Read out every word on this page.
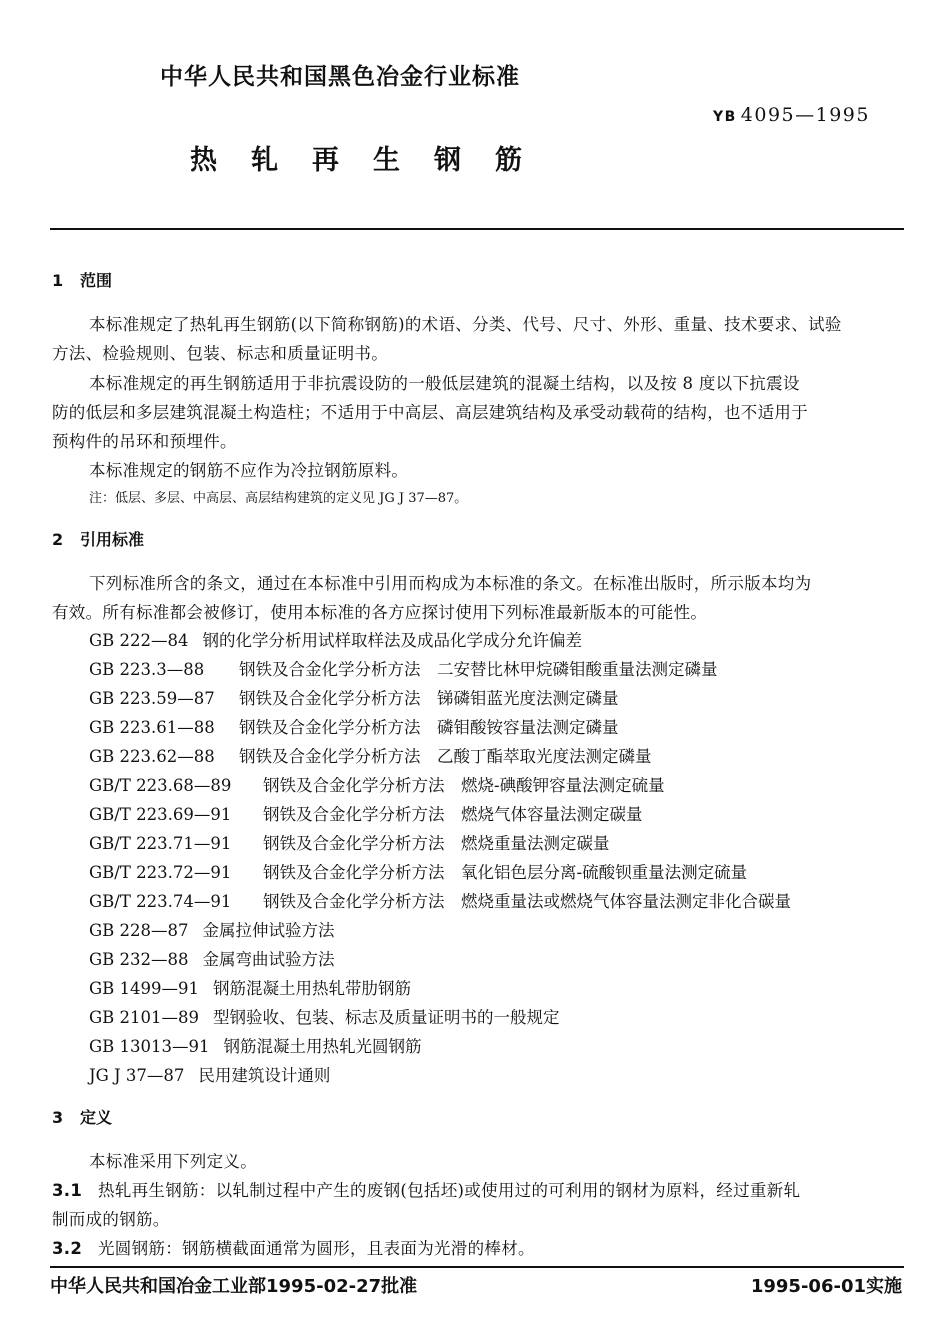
中华人民共和国黑色冶金行业标准
YB 4095—1995
热轧再生钢筋
1 范围
本标准规定了热轧再生钢筋(以下简称钢筋)的术语、分类、代号、尺寸、外形、重量、技术要求、试验
方法、检验规则、包装、标志和质量证明书。
本标准规定的再生钢筋适用于非抗震设防的一般低层建筑的混凝土结构，以及按 8 度以下抗震设
防的低层和多层建筑混凝土构造柱；不适用于中高层、高层建筑结构及承受动载荷的结构，也不适用于
预构件的吊环和预埋件。
本标准规定的钢筋不应作为冷拉钢筋原料。
注：低层、多层、中高层、高层结构建筑的定义见 JG J 37—87。
2 引用标准
下列标准所含的条文，通过在本标准中引用而构成为本标准的条文。在标准出版时，所示版本均为
有效。所有标准都会被修订，使用本标准的各方应探讨使用下列标准最新版本的可能性。
GB 222—84 钢的化学分析用试样取样法及成品化学成分允许偏差
GB 223.3—88 钢铁及合金化学分析方法　二安替比林甲烷磷钼酸重量法测定磷量
GB 223.59—87 钢铁及合金化学分析方法　锑磷钼蓝光度法测定磷量
GB 223.61—88 钢铁及合金化学分析方法　磷钼酸铵容量法测定磷量
GB 223.62—88 钢铁及合金化学分析方法　乙酸丁酯萃取光度法测定磷量
GB/T 223.68—89 钢铁及合金化学分析方法　燃烧-碘酸钾容量法测定硫量
GB/T 223.69—91 钢铁及合金化学分析方法　燃烧气体容量法测定碳量
GB/T 223.71—91 钢铁及合金化学分析方法　燃烧重量法测定碳量
GB/T 223.72—91 钢铁及合金化学分析方法　氧化铝色层分离-硫酸钡重量法测定硫量
GB/T 223.74—91 钢铁及合金化学分析方法　燃烧重量法或燃烧气体容量法测定非化合碳量
GB 228—87 金属拉伸试验方法
GB 232—88 金属弯曲试验方法
GB 1499—91 钢筋混凝土用热轧带肋钢筋
GB 2101—89 型钢验收、包装、标志及质量证明书的一般规定
GB 13013—91 钢筋混凝土用热轧光圆钢筋
JG J 37—87 民用建筑设计通则
3 定义
本标准采用下列定义。
3.1 热轧再生钢筋：以轧制过程中产生的废钢(包括坯)或使用过的可利用的钢材为原料，经过重新轧
制而成的钢筋。
3.2 光圆钢筋：钢筋横截面通常为圆形，且表面为光滑的棒材。
中华人民共和国冶金工业部1995-02-27批准	1995-06-01实施
